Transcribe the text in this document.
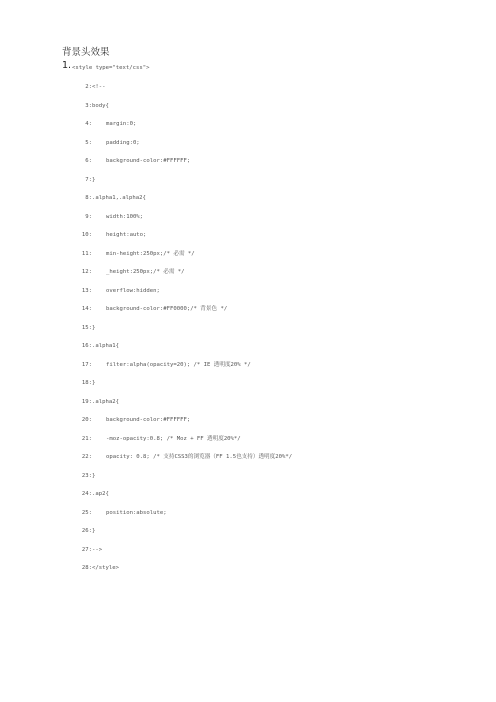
背景头效果

1.

<style type="text/css">

2:

<!--

3:

body{

4:

	margin:0;

5:

	padding:0;

6:

	background-color:#FFFFFF;

7:

}

8:

.alpha1,.alpha2{

9:

	width:100%;

10:

	height:auto;

11:

	min-height:250px;/* 必需 */

12:

	_height:250px;/* 必需 */

13:

	overflow:hidden;

14:

	background-color:#FF0000;/* 背景色 */

15:

}

16:

.alpha1{

17:

	filter:alpha(opacity=20); /* IE 透明度20% */

18:

}

19:

.alpha2{

20:

	background-color:#FFFFFF;

21:

	-moz-opacity:0.8; /* Moz + FF 透明度20%*/

22:

	opacity: 0.8; /* 支持CSS3的浏览器（FF 1.5也支持）透明度20%*/

23:

}

24:

.ap2{

25:

	position:absolute;

26:

}

27:

-->

28:

</style>
